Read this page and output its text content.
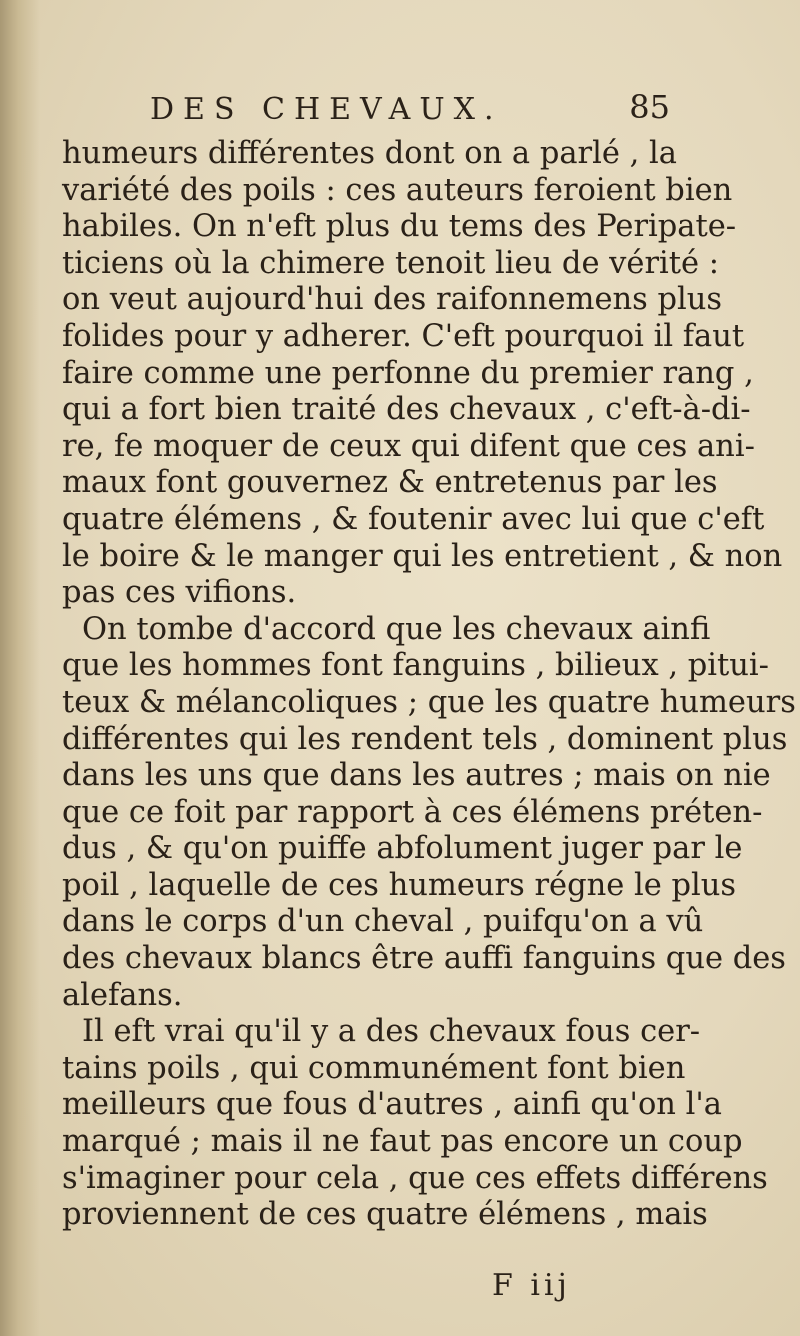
DES CHEVAUX.	85
humeurs différentes dont on a parlé , la
variété des poils : ces auteurs feroient bien
habiles. On n'eft plus du tems des Peripate-
ticiens où la chimere tenoit lieu de vérité :
on veut aujourd'hui des raifonnemens plus
folides pour y adherer. C'eft pourquoi il faut
faire comme une perfonne du premier rang ,
qui a fort bien traité des chevaux , c'eft-à-di-
re, fe moquer de ceux qui difent que ces ani-
maux font gouvernez & entretenus par les
quatre élémens , & foutenir avec lui que c'eft
le boire & le manger qui les entretient , & non
pas ces vifions.
On tombe d'accord que les chevaux ainfi
que les hommes font fanguins , bilieux , pitui-
teux & mélancoliques ; que les quatre humeurs
différentes qui les rendent tels , dominent plus
dans les uns que dans les autres ; mais on nie
que ce foit par rapport à ces élémens préten-
dus , & qu'on puiffe abfolument juger par le
poil , laquelle de ces humeurs régne le plus
dans le corps d'un cheval , puifqu'on a vû
des chevaux blancs être auffi fanguins que des
alefans.
Il eft vrai qu'il y a des chevaux fous cer-
tains poils , qui communément font bien
meilleurs que fous d'autres , ainfi qu'on l'a
marqué ; mais il ne faut pas encore un coup
s'imaginer pour cela , que ces effets différens
proviennent de ces quatre élémens , mais
F iij
